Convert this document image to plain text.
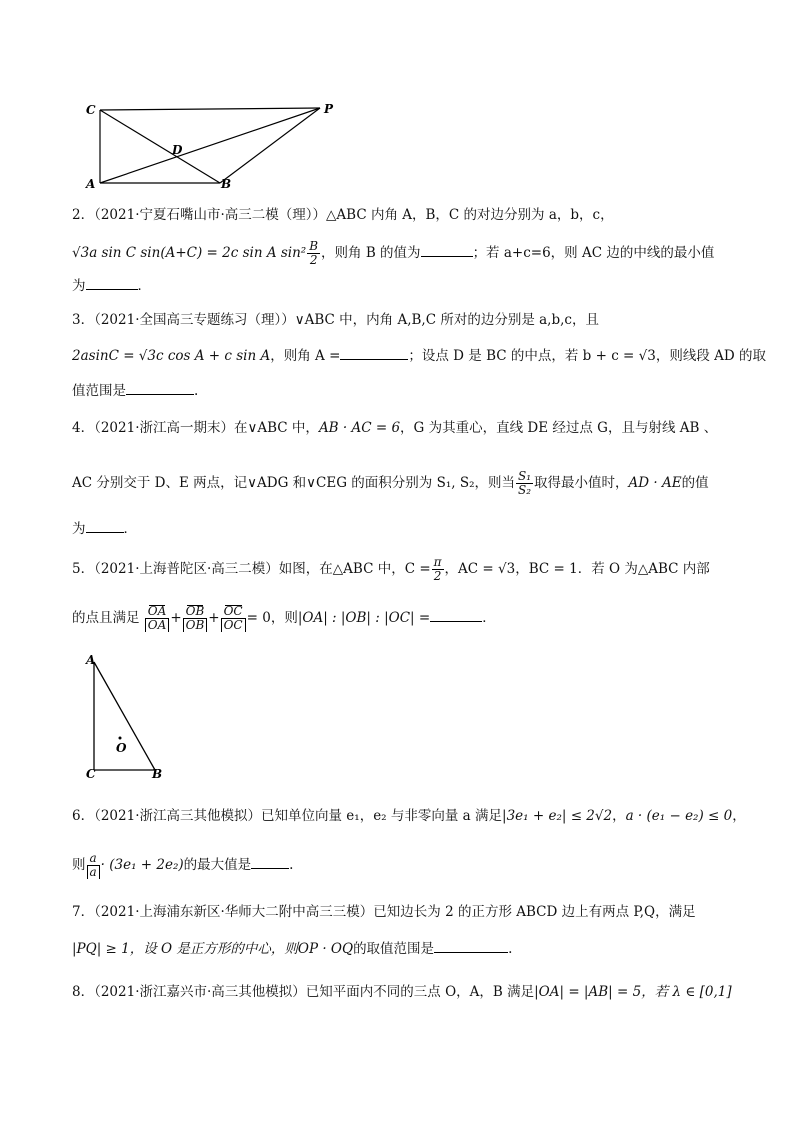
C	P
D
A	B
2．（2021·宁夏石嘴山市·高三二模（理））△ABC 内角 A，B，C 的对边分别为 a，b，c，
√3a sin C sin(A+C) = 2c sin A $\sin^2 \frac{B}{2}$ ，则角 B 的值为	；若 a+c=6，则 AC 边的中线的最小值
为	．
3．（2021·全国高三专题练习（理））∨ABC 中，内角 A,B,C 所对的边分别是 a,b,c，且
2asinC = √3c cos A + c sin A，则角 A =	；设点 D 是 BC 的中点，若 b + c = √3，则线段 AD 的取
值范围是	.
4．（2021·浙江高一期末）在∨ABC 中，AB · AC = 6，G 为其重心，直线 DE 经过点 G，且与射线 AB 、
AC 分别交于 D、E 两点，记∨ADG 和∨CEG 的面积分别为 S₁, S₂，则当 $\frac{\text{S₁}}{\text{S₂}}$ 取得最小值时，AD · AE的值
为	．
5．（2021·上海普陀区·高三二模）如图，在△ABC 中，$C = \frac{\pi}{2}$ ，AC = √3，BC = 1．若 O 为△ABC 内部
的点且满足 $\frac{OA}{OA} + \frac{OB}{OB} + \frac{OC}{OC} = 0$，则|OA| : |OB| : |OC| =	．
A
O
C	B
6．（2021·浙江高三其他模拟）已知单位向量 e₁，e₂ 与非零向量 a 满足|3e₁ + e₂| ≤ 2√2，a · (e₁ − e₂) ≤ 0，
则 $\frac{a}{a} \cdot (3e_1 + 2e_2)$的最大值是	.
7．（2021·上海浦东新区·华师大二附中高三三模）已知边长为 2 的正方形 ABCD 边上有两点 P,Q，满足
|PQ| ≥ 1，设 O 是正方形的中心，则OP · OQ的取值范围是	.
8．（2021·浙江嘉兴市·高三其他模拟）已知平面内不同的三点 O，A，B 满足|OA| = |AB| = 5，若 λ ∈ [0,1]
